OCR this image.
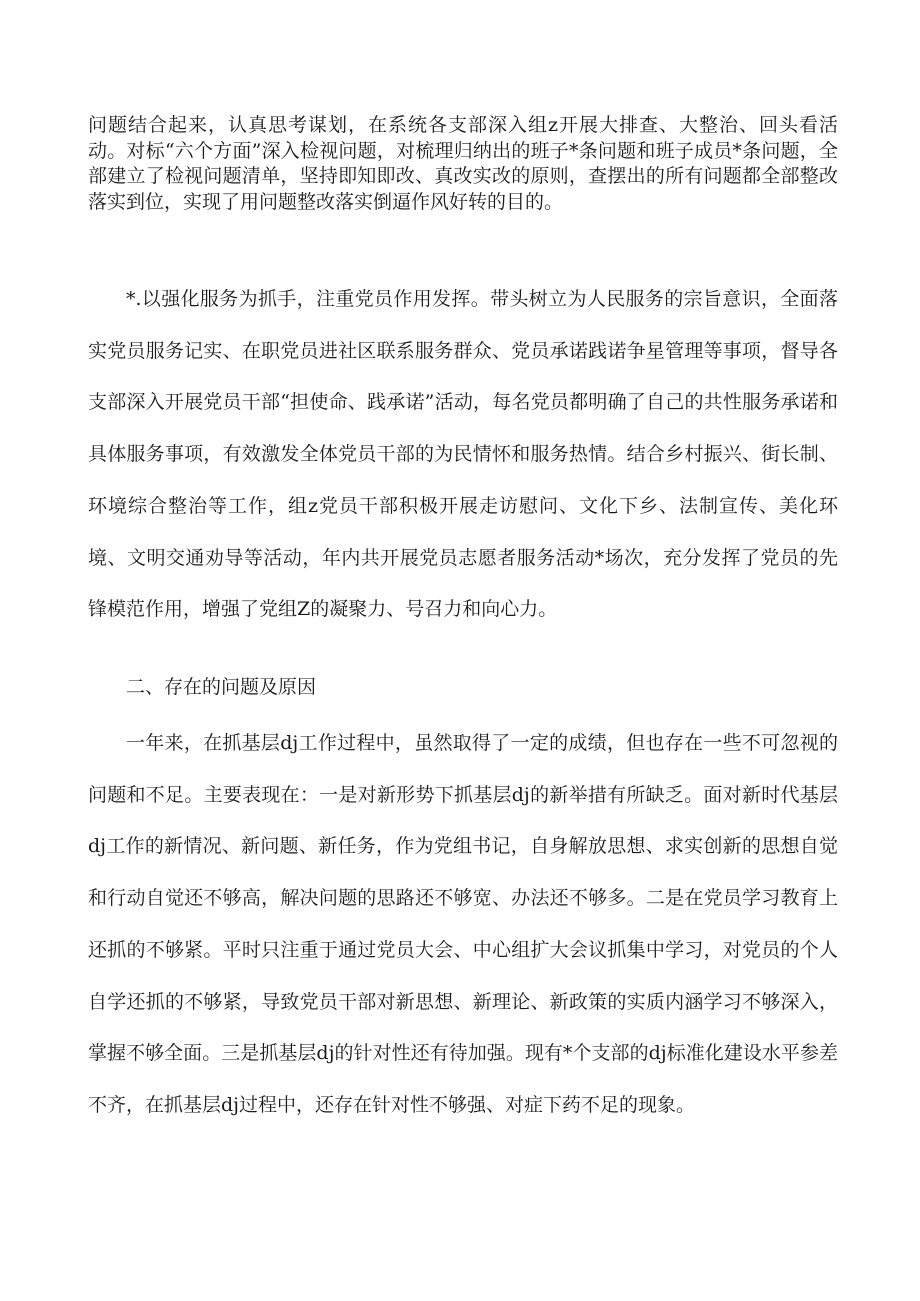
问题结合起来，认真思考谋划，在系统各支部深入组z开展大排查、大整治、回头看活动。对标“六个方面”深入检视问题，对梳理归纳出的班子*条问题和班子成员*条问题，全部建立了检视问题清单，坚持即知即改、真改实改的原则，查摆出的所有问题都全部整改落实到位，实现了用问题整改落实倒逼作风好转的目的。

*.以强化服务为抓手，注重党员作用发挥。带头树立为人民服务的宗旨意识，全面落实党员服务记实、在职党员进社区联系服务群众、党员承诺践诺争星管理等事项，督导各支部深入开展党员干部“担使命、践承诺”活动，每名党员都明确了自己的共性服务承诺和具体服务事项，有效激发全体党员干部的为民情怀和服务热情。结合乡村振兴、街长制、环境综合整治等工作，组z党员干部积极开展走访慰问、文化下乡、法制宣传、美化环境、文明交通劝导等活动，年内共开展党员志愿者服务活动*场次，充分发挥了党员的先锋模范作用，增强了党组Z的凝聚力、号召力和向心力。

二、存在的问题及原因

一年来，在抓基层dj工作过程中，虽然取得了一定的成绩，但也存在一些不可忽视的问题和不足。主要表现在：一是对新形势下抓基层dj的新举措有所缺乏。面对新时代基层dj工作的新情况、新问题、新任务，作为党组书记，自身解放思想、求实创新的思想自觉和行动自觉还不够高，解决问题的思路还不够宽、办法还不够多。二是在党员学习教育上还抓的不够紧。平时只注重于通过党员大会、中心组扩大会议抓集中学习，对党员的个人自学还抓的不够紧，导致党员干部对新思想、新理论、新政策的实质内涵学习不够深入，掌握不够全面。三是抓基层dj的针对性还有待加强。现有*个支部的dj标准化建设水平参差不齐，在抓基层dj过程中，还存在针对性不够强、对症下药不足的现象。
